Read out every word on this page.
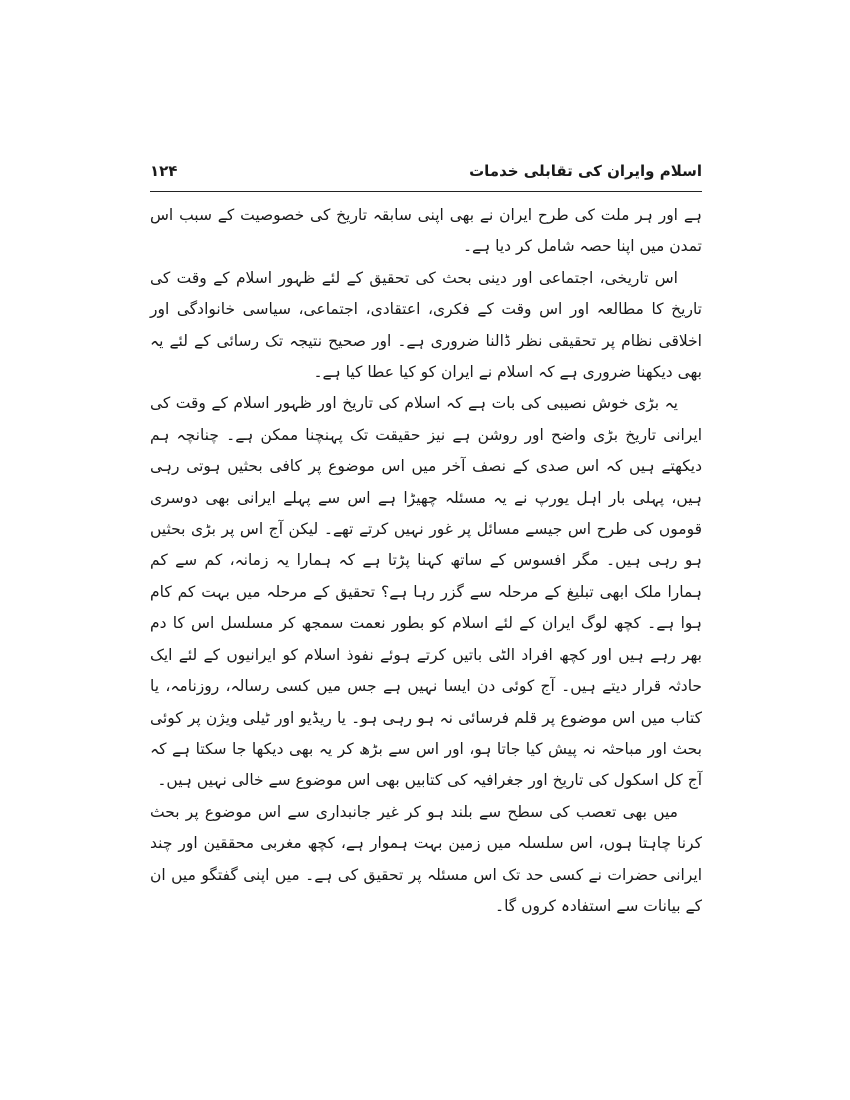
اسلام وایران کی تقابلی خدمات
۱۲۴

ہے اور ہر ملت کی طرح ایران نے بھی اپنی سابقہ تاریخ کی خصوصیت کے سبب اس تمدن میں اپنا حصہ شامل کر دیا ہے۔

اس تاریخی، اجتماعی اور دینی بحث کی تحقیق کے لئے ظہور اسلام کے وقت کی تاریخ کا مطالعہ اور اس وقت کے فکری، اعتقادی، اجتماعی، سیاسی خانوادگی اور اخلاقی نظام پر تحقیقی نظر ڈالنا ضروری ہے۔ اور صحیح نتیجہ تک رسائی کے لئے یہ بھی دیکھنا ضروری ہے کہ اسلام نے ایران کو کیا عطا کیا ہے۔

یہ بڑی خوش نصیبی کی بات ہے کہ اسلام کی تاریخ اور ظہور اسلام کے وقت کی ایرانی تاریخ بڑی واضح اور روشن ہے نیز حقیقت تک پہنچنا ممکن ہے۔ چنانچہ ہم دیکھتے ہیں کہ اس صدی کے نصف آخر میں اس موضوع پر کافی بحثیں ہوتی رہی ہیں، پہلی بار اہل یورپ نے یہ مسئلہ چھیڑا ہے اس سے پہلے ایرانی بھی دوسری قوموں کی طرح اس جیسے مسائل پر غور نہیں کرتے تھے۔ لیکن آج اس پر بڑی بحثیں ہو رہی ہیں۔ مگر افسوس کے ساتھ کہنا پڑتا ہے کہ ہمارا یہ زمانہ، کم سے کم ہمارا ملک ابھی تبلیغ کے مرحلہ سے گزر رہا ہے؟ تحقیق کے مرحلہ میں بہت کم کام ہوا ہے۔ کچھ لوگ ایران کے لئے اسلام کو بطور نعمت سمجھ کر مسلسل اس کا دم بھر رہے ہیں اور کچھ افراد الٹی باتیں کرتے ہوئے نفوذ اسلام کو ایرانیوں کے لئے ایک حادثہ قرار دیتے ہیں۔ آج کوئی دن ایسا نہیں ہے جس میں کسی رسالہ، روزنامہ، یا کتاب میں اس موضوع پر قلم فرسائی نہ ہو رہی ہو۔ یا ریڈیو اور ٹیلی ویژن پر کوئی بحث اور مباحثہ نہ پیش کیا جاتا ہو، اور اس سے بڑھ کر یہ بھی دیکھا جا سکتا ہے کہ آج کل اسکول کی تاریخ اور جغرافیہ کی کتابیں بھی اس موضوع سے خالی نہیں ہیں۔

میں بھی تعصب کی سطح سے بلند ہو کر غیر جانبداری سے اس موضوع پر بحث کرنا چاہتا ہوں، اس سلسلہ میں زمین بہت ہموار ہے، کچھ مغربی محققین اور چند ایرانی حضرات نے کسی حد تک اس مسئلہ پر تحقیق کی ہے۔ میں اپنی گفتگو میں ان کے بیانات سے استفادہ کروں گا۔
